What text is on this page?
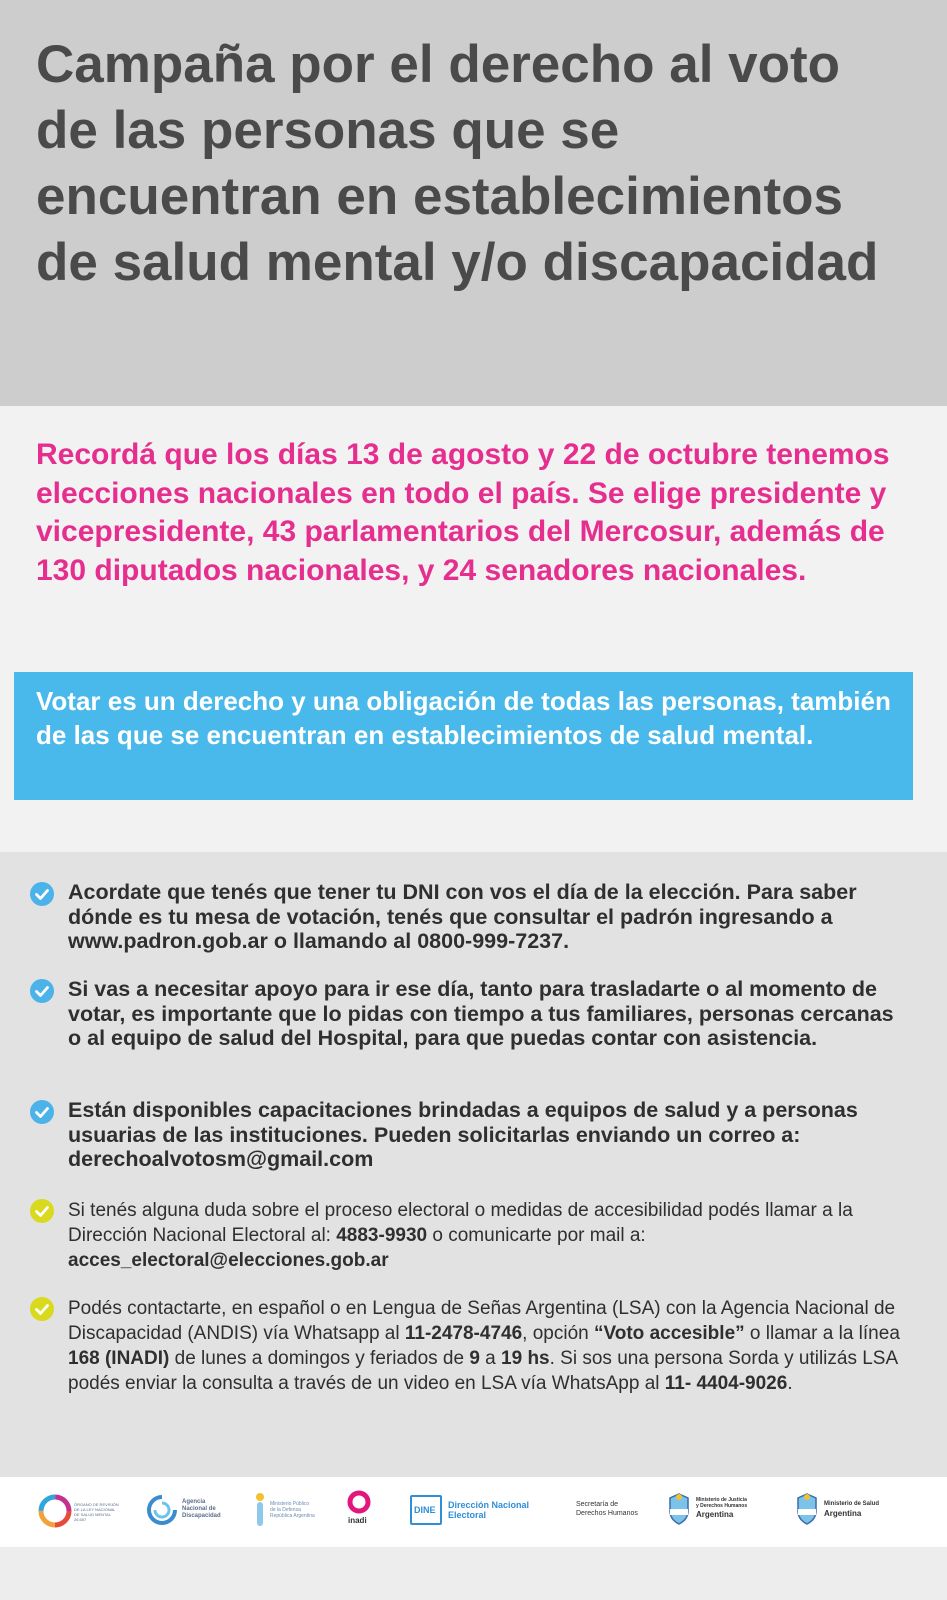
Campaña por el derecho al voto de las personas que se encuentran en establecimientos de salud mental y/o discapacidad

Recordá que los días 13 de agosto y 22 de octubre tenemos elecciones nacionales en todo el país. Se elige presidente y vicepresidente, 43 parlamentarios del Mercosur, además de 130 diputados nacionales, y 24 senadores nacionales.

Votar es un derecho y una obligación de todas las personas, también de las que se encuentran en establecimientos de salud mental.

Acordate que tenés que tener tu DNI con vos el día de la elección. Para saber dónde es tu mesa de votación, tenés que consultar el padrón ingresando a www.padron.gob.ar o llamando al 0800-999-7237.

Si vas a necesitar apoyo para ir ese día, tanto para trasladarte o al momento de votar, es importante que lo pidas con tiempo a tus familiares, personas cercanas o al equipo de salud del Hospital, para que puedas contar con asistencia.

Están disponibles capacitaciones brindadas a equipos de salud y a personas usuarias de las instituciones. Pueden solicitarlas enviando un correo a:
derechoalvotosm@gmail.com

Si tenés alguna duda sobre el proceso electoral o medidas de accesibilidad podés llamar a la Dirección Nacional Electoral al: 4883-9930 o comunicarte por mail a:
acces_electoral@elecciones.gob.ar

Podés contactarte, en español o en Lengua de Señas Argentina (LSA) con la Agencia Nacional de Discapacidad (ANDIS) vía Whatsapp al 11-2478-4746, opción “Voto accesible” o llamar a la línea 168 (INADI) de lunes a domingos y feriados de 9 a 19 hs. Si sos una persona Sorda y utilizás LSA podés enviar la consulta a través de un video en LSA vía WhatsApp al 11- 4404-9026.

ÓRGANO DE REVISIÓN DE LA LEY NACIONAL DE SALUD MENTAL 26.657
Agencia
Nacional de
Discapacidad
Ministerio Público
de la Defensa
República Argentina	inadi
DINE Dirección Nacional
Electoral
Secretaría de
Derechos Humanos
Ministerio de Justicia
y Derechos Humanos
Argentina
Ministerio de Salud
Argentina
